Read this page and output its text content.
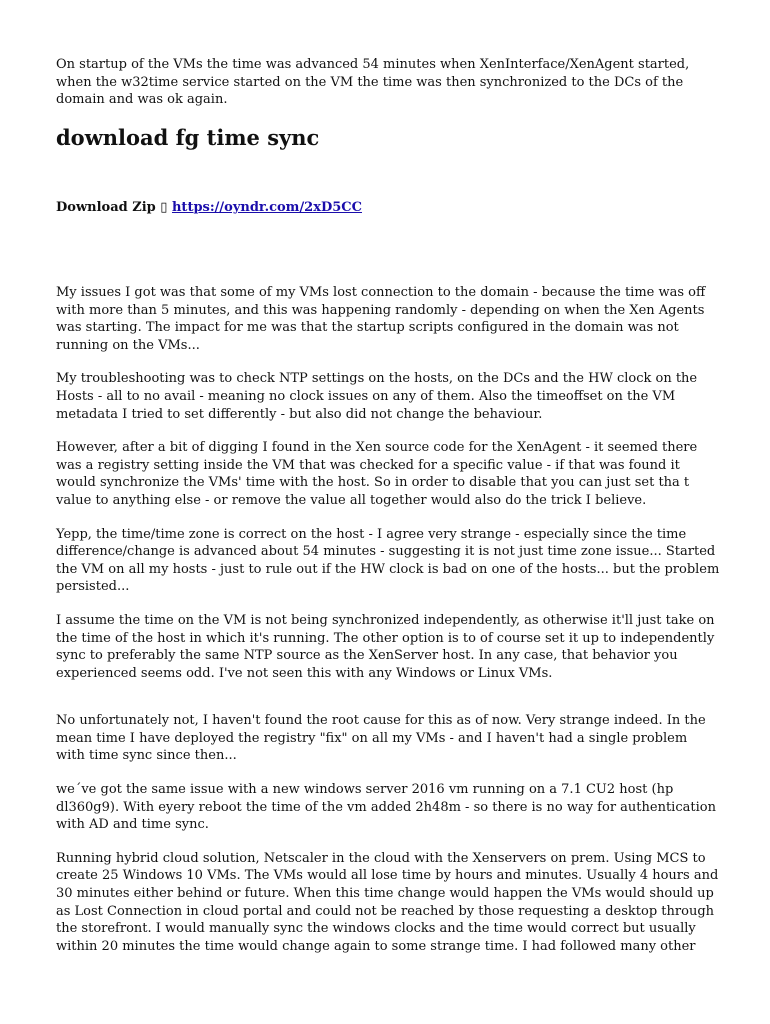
On startup of the VMs the time was advanced 54 minutes when XenInterface/XenAgent started, when the w32time service started on the VM the time was then synchronized to the DCs of the domain and was ok again.

download fg time sync
Download Zip ▯ https://oyndr.com/2xD5CC

My issues I got was that some of my VMs lost connection to the domain - because the time was off with more than 5 minutes, and this was happening randomly - depending on when the Xen Agents was starting. The impact for me was that the startup scripts configured in the domain was not running on the VMs...

My troubleshooting was to check NTP settings on the hosts, on the DCs and the HW clock on the Hosts - all to no avail - meaning no clock issues on any of them. Also the timeoffset on the VM metadata I tried to set differently - but also did not change the behaviour.

However, after a bit of digging I found in the Xen source code for the XenAgent - it seemed there was a registry setting inside the VM that was checked for a specific value - if that was found it would synchronize the VMs' time with the host. So in order to disable that you can just set tha t value to anything else - or remove the value all together would also do the trick I believe.

Yepp, the time/time zone is correct on the host - I agree very strange - especially since the time difference/change is advanced about 54 minutes - suggesting it is not just time zone issue... Started the VM on all my hosts - just to rule out if the HW clock is bad on one of the hosts... but the problem persisted...

I assume the time on the VM is not being synchronized independently, as otherwise it'll just take on the time of the host in which it's running. The other option is to of course set it up to independently sync to preferably the same NTP source as the XenServer host. In any case, that behavior you experienced seems odd. I've not seen this with any Windows or Linux VMs.

No unfortunately not, I haven't found the root cause for this as of now. Very strange indeed. In the mean time I have deployed the registry "fix" on all my VMs - and I haven't had a single problem with time sync since then...

we´ve got the same issue with a new windows server 2016 vm running on a 7.1 CU2 host (hp dl360g9). With eyery reboot the time of the vm added 2h48m - so there is no way for authentication with AD and time sync.

Running hybrid cloud solution, Netscaler in the cloud with the Xenservers on prem. Using MCS to create 25 Windows 10 VMs. The VMs would all lose time by hours and minutes. Usually 4 hours and 30 minutes either behind or future. When this time change would happen the VMs would should up as Lost Connection in cloud portal and could not be reached by those requesting a desktop through the storefront. I would manually sync the windows clocks and the time would correct but usually within 20 minutes the time would change again to some strange time. I had followed many other
